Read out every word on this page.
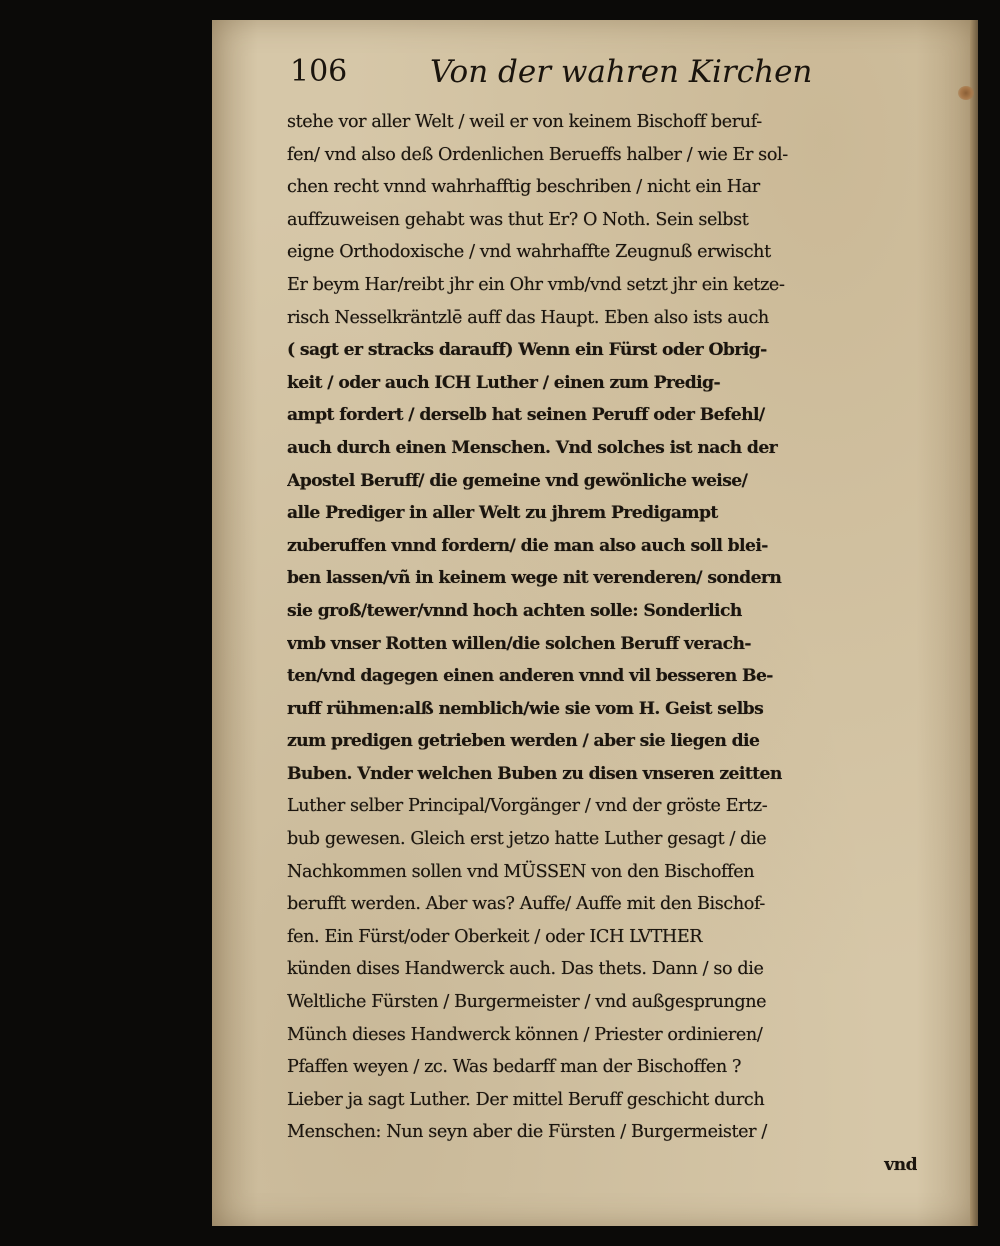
106	Von der wahren Kirchen
stehe vor aller Welt / weil er von keinem Bischoff beruf-
fen/ vnd also deß Ordenlichen Berueffs halber / wie Er sol-
chen recht vnnd wahrhafftig beschriben / nicht ein Har
auffzuweisen gehabt was thut Er? O Noth. Sein selbst
eigne Orthodoxische / vnd wahrhaffte Zeugnuß erwischt
Er beym Har/reibt jhr ein Ohr vmb/vnd setzt jhr ein ketze-
risch Nesselkräntzlē auff das Haupt. Eben also ists auch
( sagt er stracks darauff) Wenn ein Fürst oder Obrig-
keit / oder auch ICH Luther / einen zum Predig-
ampt fordert / derselb hat seinen Peruff oder Befehl/
auch durch einen Menschen. Vnd solches ist nach der
Apostel Beruff/ die gemeine vnd gewönliche weise/
alle Prediger in aller Welt zu jhrem Predigampt
zuberuffen vnnd fordern/ die man also auch soll blei-
ben lassen/vñ in keinem wege nit verenderen/ sondern
sie groß/tewer/vnnd hoch achten solle: Sonderlich
vmb vnser Rotten willen/die solchen Beruff verach-
ten/vnd dagegen einen anderen vnnd vil besseren Be-
ruff rühmen:alß nemblich/wie sie vom H. Geist selbs
zum predigen getrieben werden / aber sie liegen die
Buben. Vnder welchen Buben zu disen vnseren zeitten
Luther selber Principal/Vorgänger / vnd der gröste Ertz-
bub gewesen. Gleich erst jetzo hatte Luther gesagt / die
Nachkommen sollen vnd MÜSSEN von den Bischoffen
berufft werden. Aber was? Auffe/ Auffe mit den Bischof-
fen. Ein Fürst/oder Oberkeit / oder ICH LVTHER
künden dises Handwerck auch. Das thets. Dann / so die
Weltliche Fürsten / Burgermeister / vnd außgesprungne
Münch dieses Handwerck können / Priester ordinieren/
Pfaffen weyen / zc. Was bedarff man der Bischoffen ?
Lieber ja sagt Luther. Der mittel Beruff geschicht durch
Menschen: Nun seyn aber die Fürsten / Burgermeister /
vnd
